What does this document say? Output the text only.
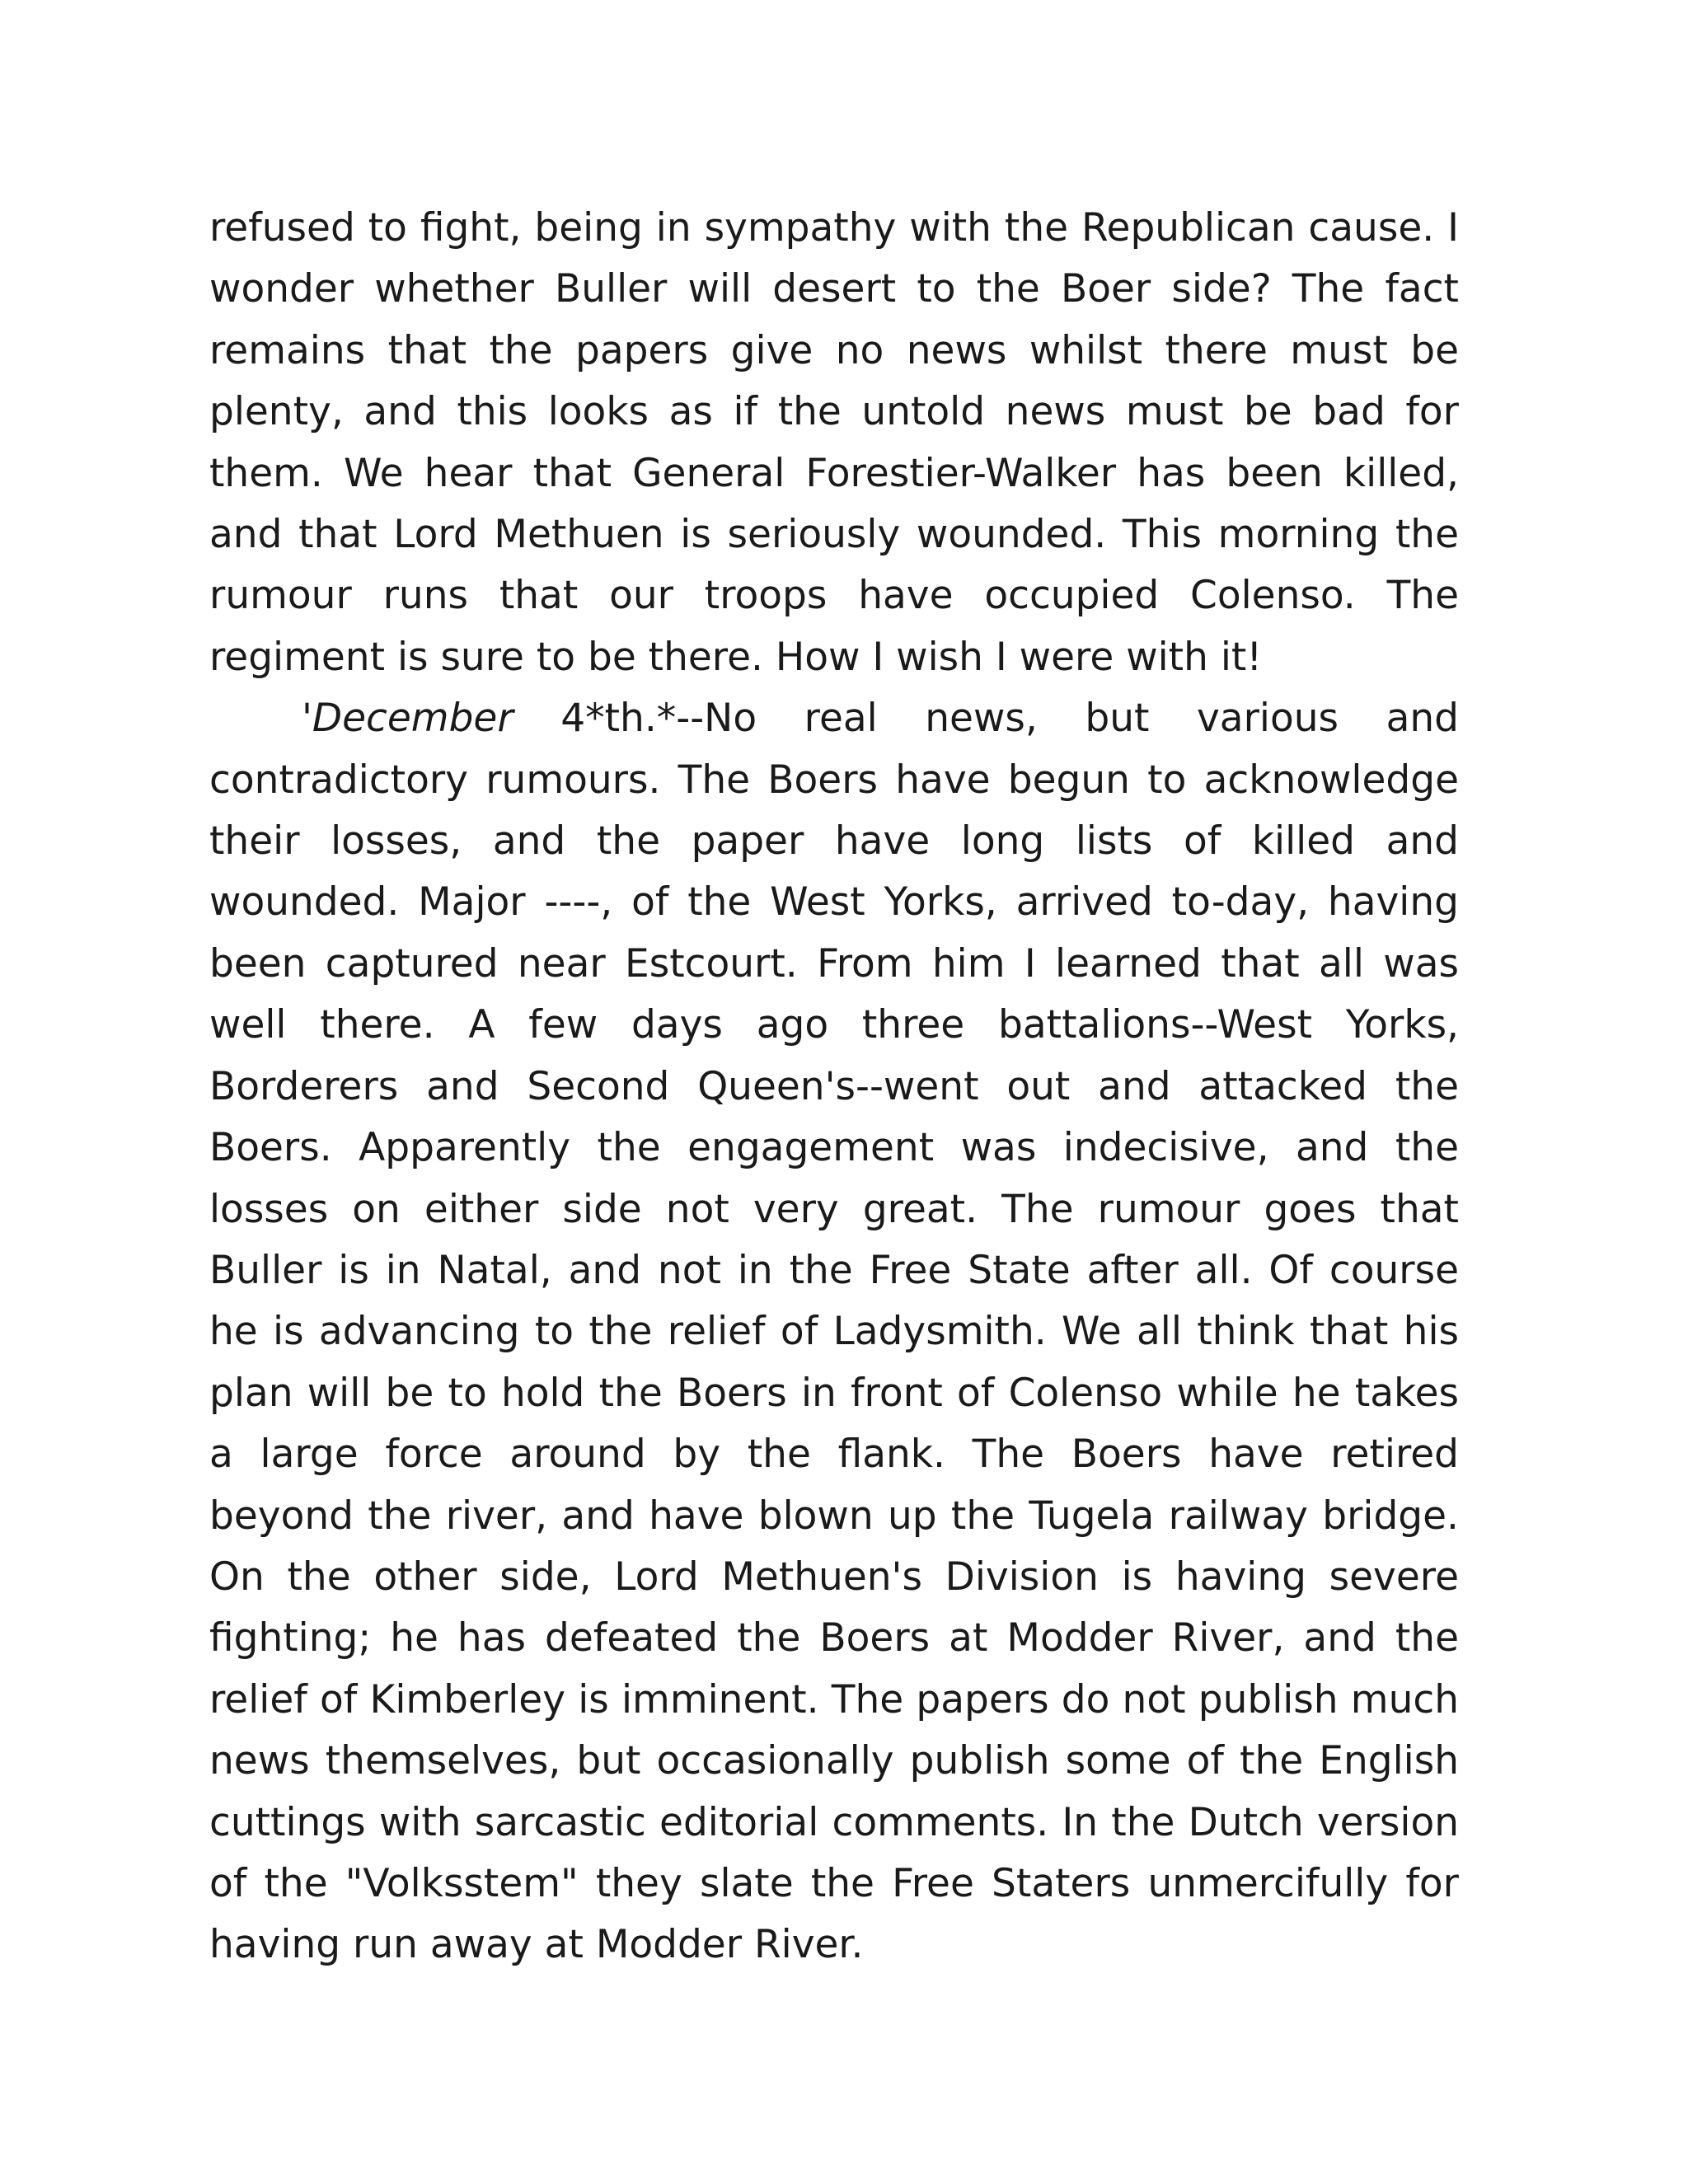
refused to fight, being in sympathy with the Republican cause. I wonder whether Buller will desert to the Boer side? The fact remains that the papers give no news whilst there must be plenty, and this looks as if the untold news must be bad for them. We hear that General Forestier-Walker has been killed, and that Lord Methuen is seriously wounded. This morning the rumour runs that our troops have occupied Colenso. The regiment is sure to be there. How I wish I were with it!

'December 4*th.*--No real news, but various and contradictory rumours. The Boers have begun to acknowledge their losses, and the paper have long lists of killed and wounded. Major ----, of the West Yorks, arrived to-day, having been captured near Estcourt. From him I learned that all was well there. A few days ago three battalions--West Yorks, Borderers and Second Queen's--went out and attacked the Boers. Apparently the engagement was indecisive, and the losses on either side not very great. The rumour goes that Buller is in Natal, and not in the Free State after all. Of course he is advancing to the relief of Ladysmith. We all think that his plan will be to hold the Boers in front of Colenso while he takes a large force around by the flank. The Boers have retired beyond the river, and have blown up the Tugela railway bridge. On the other side, Lord Methuen's Division is having severe fighting; he has defeated the Boers at Modder River, and the relief of Kimberley is imminent. The papers do not publish much news themselves, but occasionally publish some of the English cuttings with sarcastic editorial comments. In the Dutch version of the "Volksstem" they slate the Free Staters unmercifully for having run away at Modder River.
